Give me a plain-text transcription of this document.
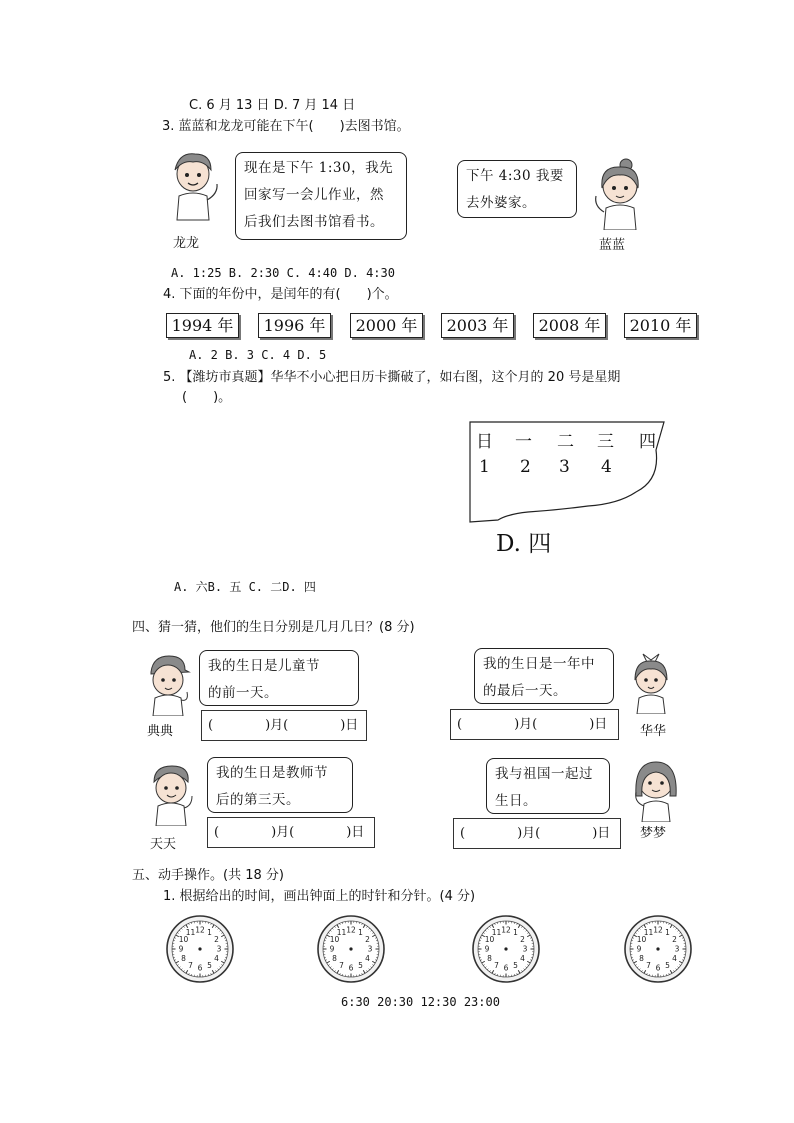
C. 6 月 13 日 D. 7 月 14 日
3. 蓝蓝和龙龙可能在下午(　　)去图书馆。
龙龙
现在是下午 1:30，我先
回家写一会儿作业，然
后我们去图书馆看书。
下午 4:30 我要
去外婆家。
蓝蓝
A. 1:25 B. 2:30 C. 4:40 D. 4:30
4. 下面的年份中，是闰年的有(　　)个。
1994 年	1996 年	2000 年	2003 年	2008 年	2010 年
A. 2 B. 3 C. 4 D. 5
5. 【潍坊市真题】华华不小心把日历卡撕破了，如右图，这个月的 20 号是星期
(　　)。
日 一 二 三 四
1 2 3 4
D. 四
A. 六B. 五 C. 二D. 四
四、猜一猜，他们的生日分别是几月几日？(8 分)
我的生日是儿童节
的前一天。
典典	(　　　　)月(　　　　)日
我的生日是一年中
的最后一天。
华华
(　　　　)月(　　　　)日
我的生日是教师节
后的第三天。
天天
(　　　　)月(　　　　)日
我与祖国一起过
生日。
梦梦
(　　　　)月(　　　　)日
五、动手操作。(共 18 分)
1. 根据给出的时间，画出钟面上的时针和分针。(4 分)
12 1
2
3
4
5
6
7
8
9
10
11	12 1
2
3
4
5
6
7
8
9
10
11	12 1
2
3
4
5
6
7
8
9
10
11	12 1
2
3
4
5
6
7
8
9
10
11
6:30 20:30 12:30 23:00
